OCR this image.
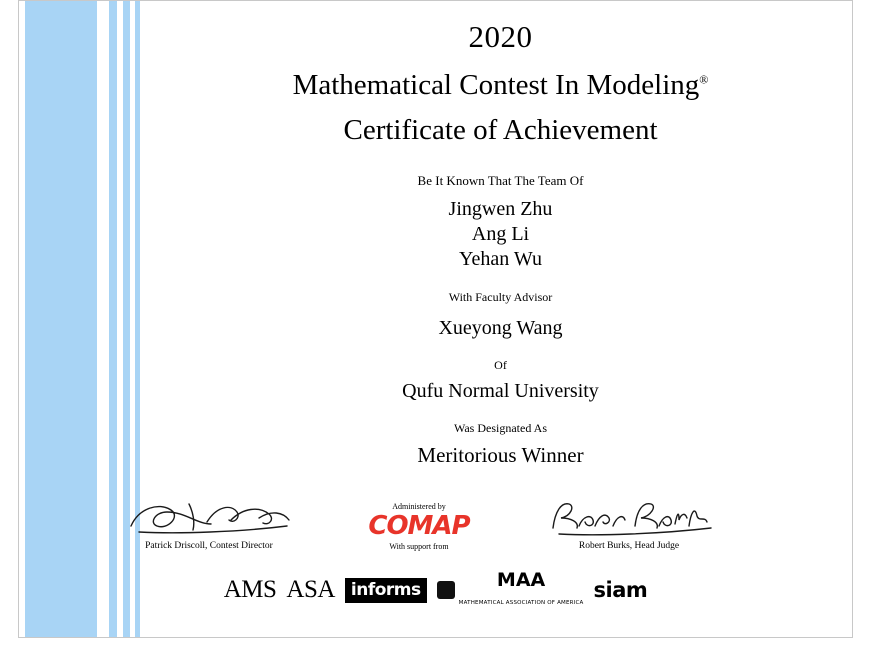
2020
Mathematical Contest In Modeling®
Certificate of Achievement
Be It Known That The Team Of
Jingwen Zhu
Ang Li
Yehan Wu
With Faculty Advisor
Xueyong Wang
Of
Qufu Normal University
Was Designated As
Meritorious Winner
Patrick Driscoll, Contest Director
Administered by
COMAP
With support from	Robert Burks, Head Judge
AMS ASA informs	MAA
MATHEMATICAL ASSOCIATION OF AMERICA
siam
